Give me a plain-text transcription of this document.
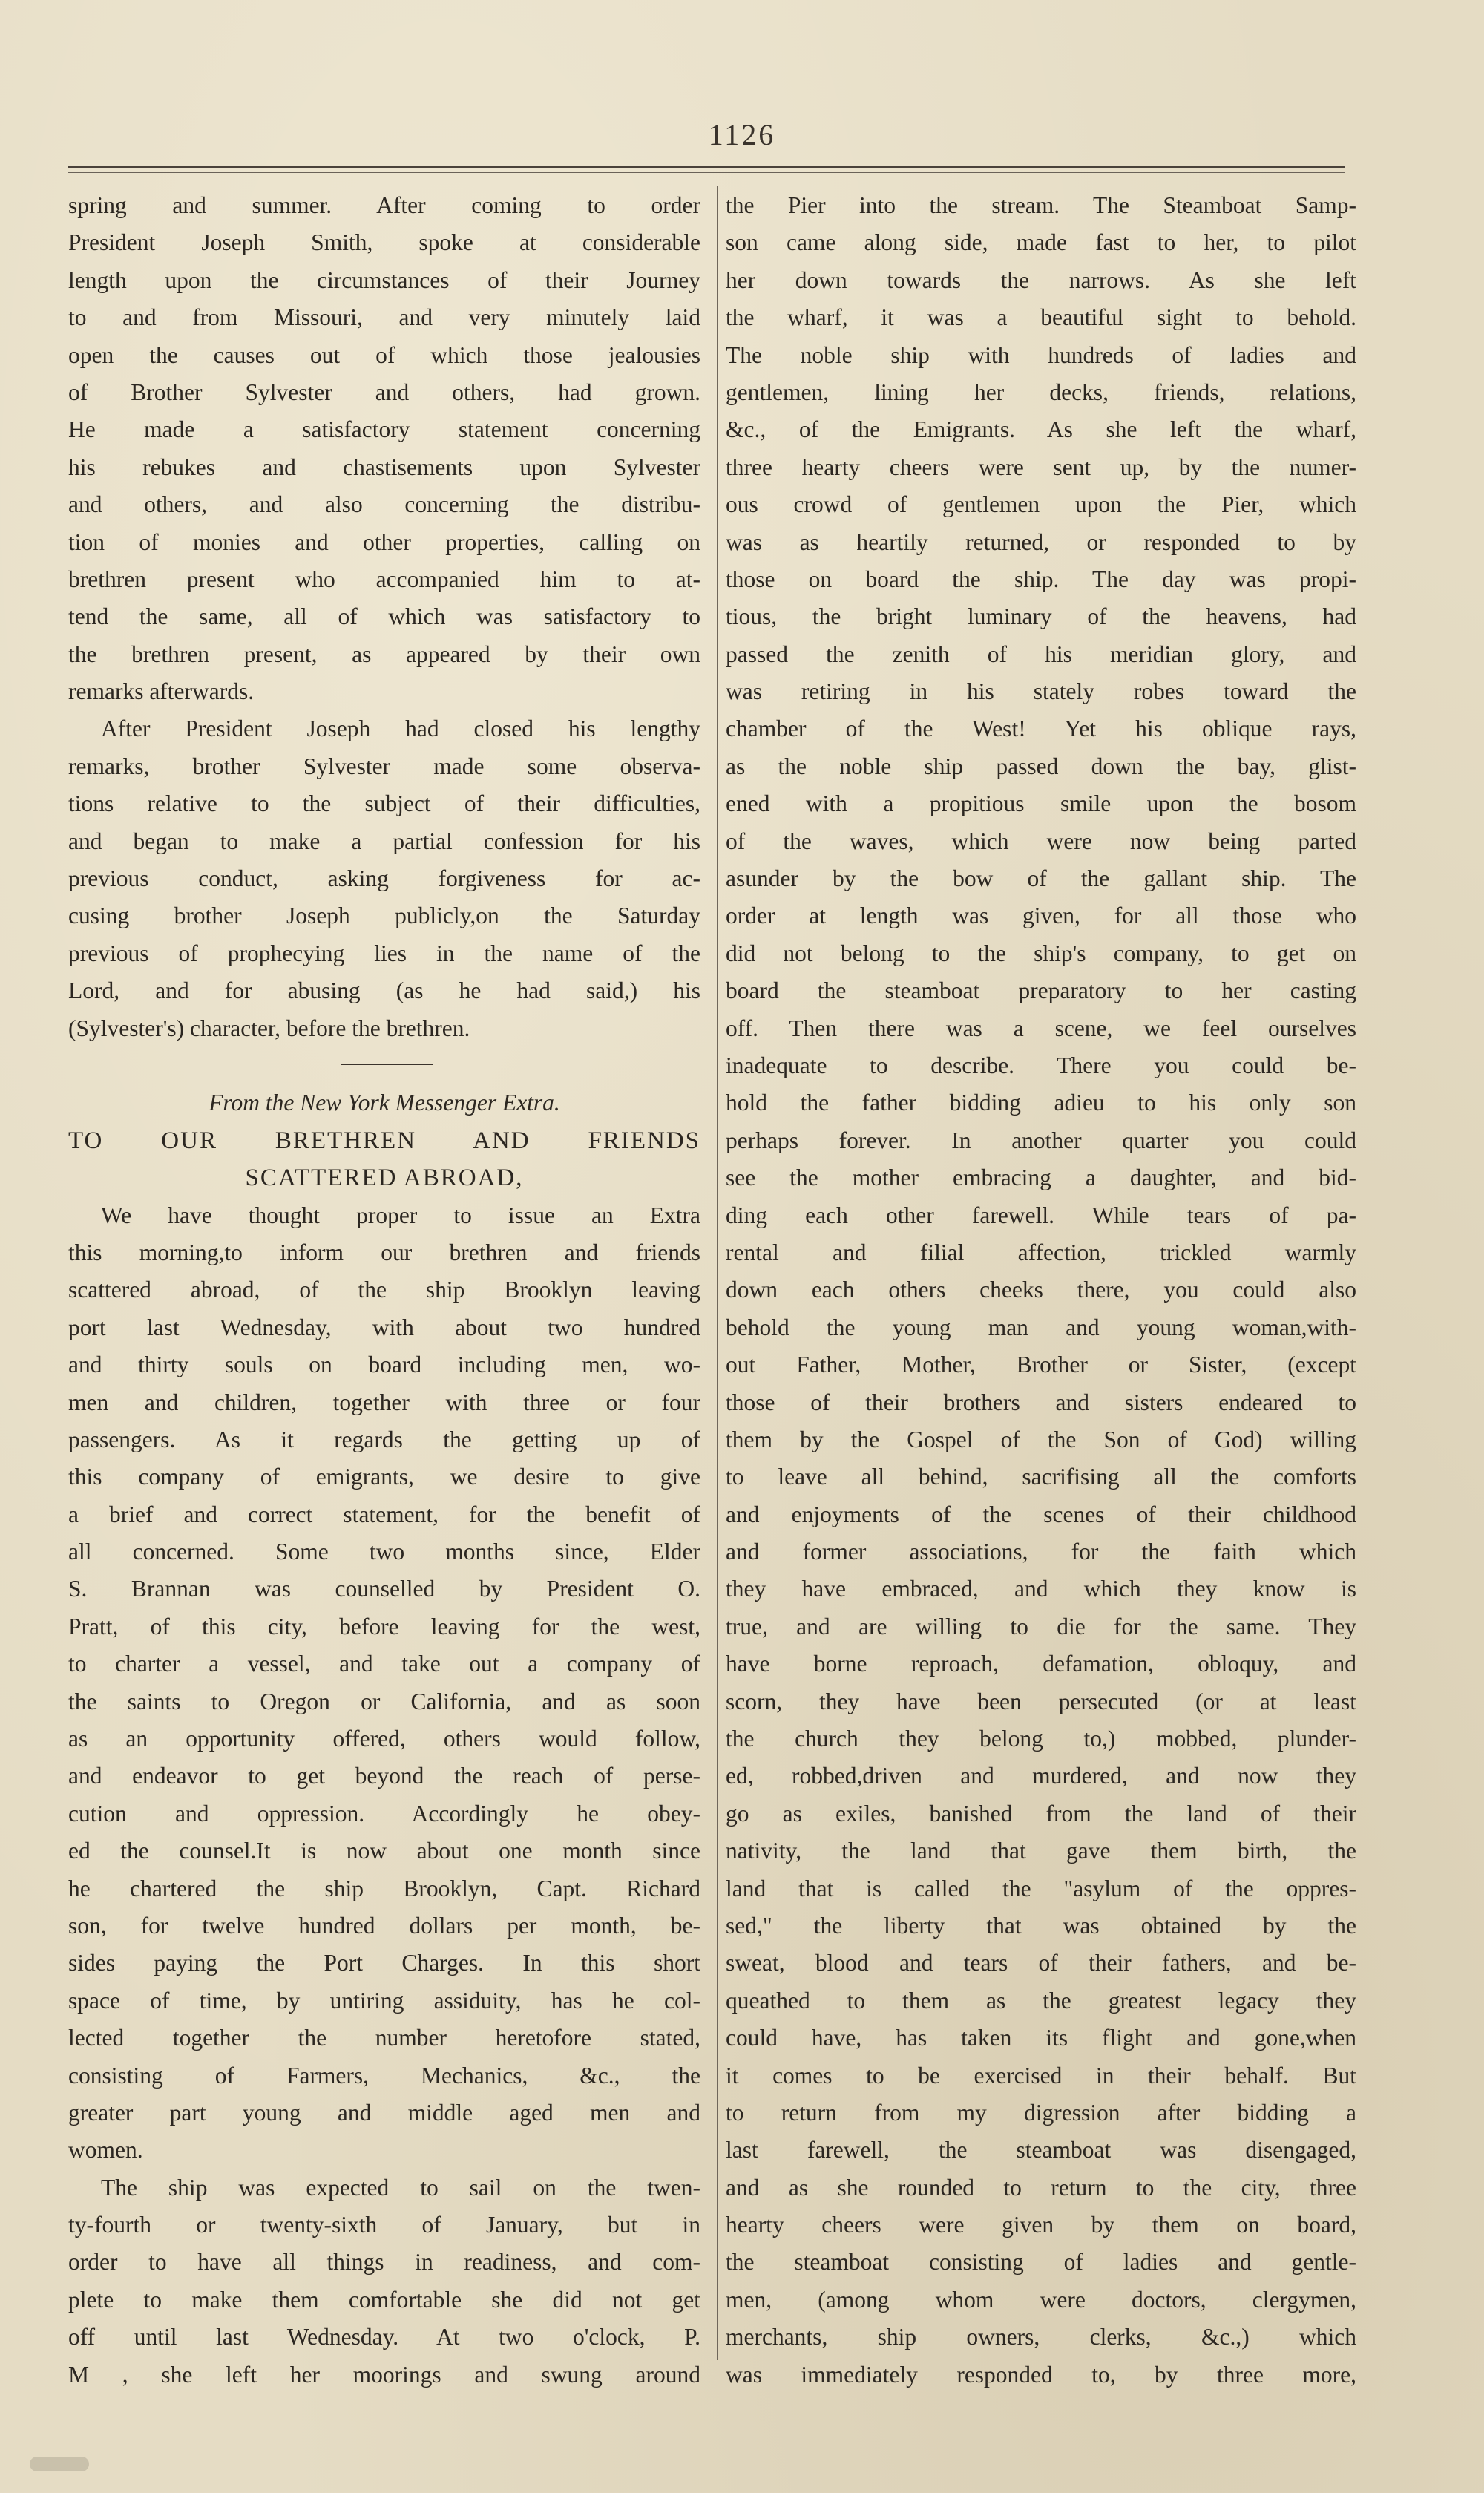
1126
spring and summer. After coming to order
President Joseph Smith, spoke at considerable
length upon the circumstances of their Journey
to and from Missouri, and very minutely laid
open the causes out of which those jealousies
of Brother Sylvester and others, had grown.
He made a satisfactory statement concerning
his rebukes and chastisements upon Sylvester
and others, and also concerning the distribu-
tion of monies and other properties, calling on
brethren present who accompanied him to at-
tend the same, all of which was satisfactory to
the brethren present, as appeared by their own
remarks afterwards.
After President Joseph had closed his lengthy
remarks, brother Sylvester made some observa-
tions relative to the subject of their difficulties,
and began to make a partial confession for his
previous conduct, asking forgiveness for ac-
cusing brother Joseph publicly,on the Saturday
previous of prophecying lies in the name of the
Lord, and for abusing (as he had said,) his
(Sylvester's) character, before the brethren.
From the New York Messenger Extra.
TO OUR BRETHREN AND FRIENDS
SCATTERED ABROAD,
We have thought proper to issue an Extra
this morning,to inform our brethren and friends
scattered abroad, of the ship Brooklyn leaving
port last Wednesday, with about two hundred
and thirty souls on board including men, wo-
men and children, together with three or four
passengers. As it regards the getting up of
this company of emigrants, we desire to give
a brief and correct statement, for the benefit of
all concerned. Some two months since, Elder
S. Brannan was counselled by President O.
Pratt, of this city, before leaving for the west,
to charter a vessel, and take out a company of
the saints to Oregon or California, and as soon
as an opportunity offered, others would follow,
and endeavor to get beyond the reach of perse-
cution and oppression. Accordingly he obey-
ed the counsel.It is now about one month since
he chartered the ship Brooklyn, Capt. Richard
son, for twelve hundred dollars per month, be-
sides paying the Port Charges. In this short
space of time, by untiring assiduity, has he col-
lected together the number heretofore stated,
consisting of Farmers, Mechanics, &c., the
greater part young and middle aged men and
women.
The ship was expected to sail on the twen-
ty-fourth or twenty-sixth of January, but in
order to have all things in readiness, and com-
plete to make them comfortable she did not get
off until last Wednesday. At two o'clock, P.
M , she left her moorings and swung around
the Pier into the stream. The Steamboat Samp-
son came along side, made fast to her, to pilot
her down towards the narrows. As she left
the wharf, it was a beautiful sight to behold.
The noble ship with hundreds of ladies and
gentlemen, lining her decks, friends, relations,
&c., of the Emigrants. As she left the wharf,
three hearty cheers were sent up, by the numer-
ous crowd of gentlemen upon the Pier, which
was as heartily returned, or responded to by
those on board the ship. The day was propi-
tious, the bright luminary of the heavens, had
passed the zenith of his meridian glory, and
was retiring in his stately robes toward the
chamber of the West! Yet his oblique rays,
as the noble ship passed down the bay, glist-
ened with a propitious smile upon the bosom
of the waves, which were now being parted
asunder by the bow of the gallant ship. The
order at length was given, for all those who
did not belong to the ship's company, to get on
board the steamboat preparatory to her casting
off. Then there was a scene, we feel ourselves
inadequate to describe. There you could be-
hold the father bidding adieu to his only son
perhaps forever. In another quarter you could
see the mother embracing a daughter, and bid-
ding each other farewell. While tears of pa-
rental and filial affection, trickled warmly
down each others cheeks there, you could also
behold the young man and young woman,with-
out Father, Mother, Brother or Sister, (except
those of their brothers and sisters endeared to
them by the Gospel of the Son of God) willing
to leave all behind, sacrifising all the comforts
and enjoyments of the scenes of their childhood
and former associations, for the faith which
they have embraced, and which they know is
true, and are willing to die for the same. They
have borne reproach, defamation, obloquy, and
scorn, they have been persecuted (or at least
the church they belong to,) mobbed, plunder-
ed, robbed,driven and murdered, and now they
go as exiles, banished from the land of their
nativity, the land that gave them birth, the
land that is called the "asylum of the oppres-
sed," the liberty that was obtained by the
sweat, blood and tears of their fathers, and be-
queathed to them as the greatest legacy they
could have, has taken its flight and gone,when
it comes to be exercised in their behalf. But
to return from my digression after bidding a
last farewell, the steamboat was disengaged,
and as she rounded to return to the city, three
hearty cheers were given by them on board,
the steamboat consisting of ladies and gentle-
men, (among whom were doctors, clergymen,
merchants, ship owners, clerks, &c.,) which
was immediately responded to, by three more,
